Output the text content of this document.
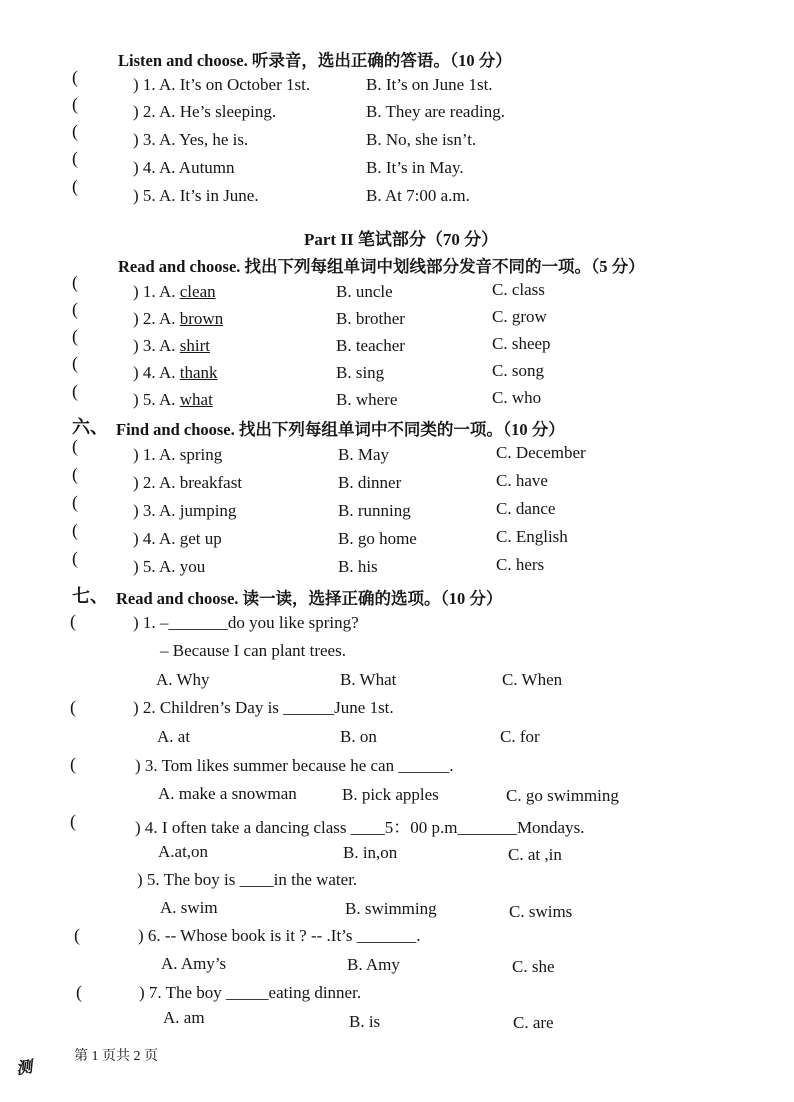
Listen and choose. 听录音，选出正确的答语。（10 分）
(
(
(
(
(
) 1. A. It’s on October 1st.	B. It’s on June 1st.
) 2. A. He’s sleeping.	B. They are reading.
) 3. A. Yes, he is.	B. No, she isn’t.
) 4. A. Autumn	B. It’s in May.
) 5. A. It’s in June.	B. At 7:00 a.m.
Part II 笔试部分（70 分）
Read and choose. 找出下列每组单词中划线部分发音不同的一项。（5 分）
(
(
(
(
(
) 1. A. clean	B. uncle	C. class
) 2. A. brown	B. brother	C. grow
) 3. A. shirt	B. teacher	C. sheep
) 4. A. thank	B. sing	C. song
) 5. A. what	B. where	C. who
六、 Find and choose. 找出下列每组单词中不同类的一项。（10 分）
(
(
(
(
(
) 1. A. spring	B. May	C. December
) 2. A. breakfast	B. dinner	C. have
) 3. A. jumping	B. running	C. dance
) 4. A. get up	B. go home	C. English
) 5. A. you	B. his	C. hers
七、 Read and choose. 读一读，选择正确的选项。（10 分）
(	) 1. –_______do you like spring?
– Because I can plant trees.
A. Why	B. What	C. When
(	) 2. Children’s Day is ______June 1st.
A. at	B. on	C. for
(	) 3. Tom likes summer because he can ______.
A. make a snowman	B. pick apples	C. go swimming
(	) 4. I often take a dancing class ____5：00 p.m_______Mondays.
A.at,on	B. in,on	C. at ,in
) 5. The boy is ____in the water.
A. swim	B. swimming	C. swims
(	) 6. -- Whose book is it ? -- .It’s _______.
A. Amy’s	B. Amy	C. she
(	) 7. The boy _____eating dinner.
A. am	B. is	C. are
测
第 1 页共 2 页
